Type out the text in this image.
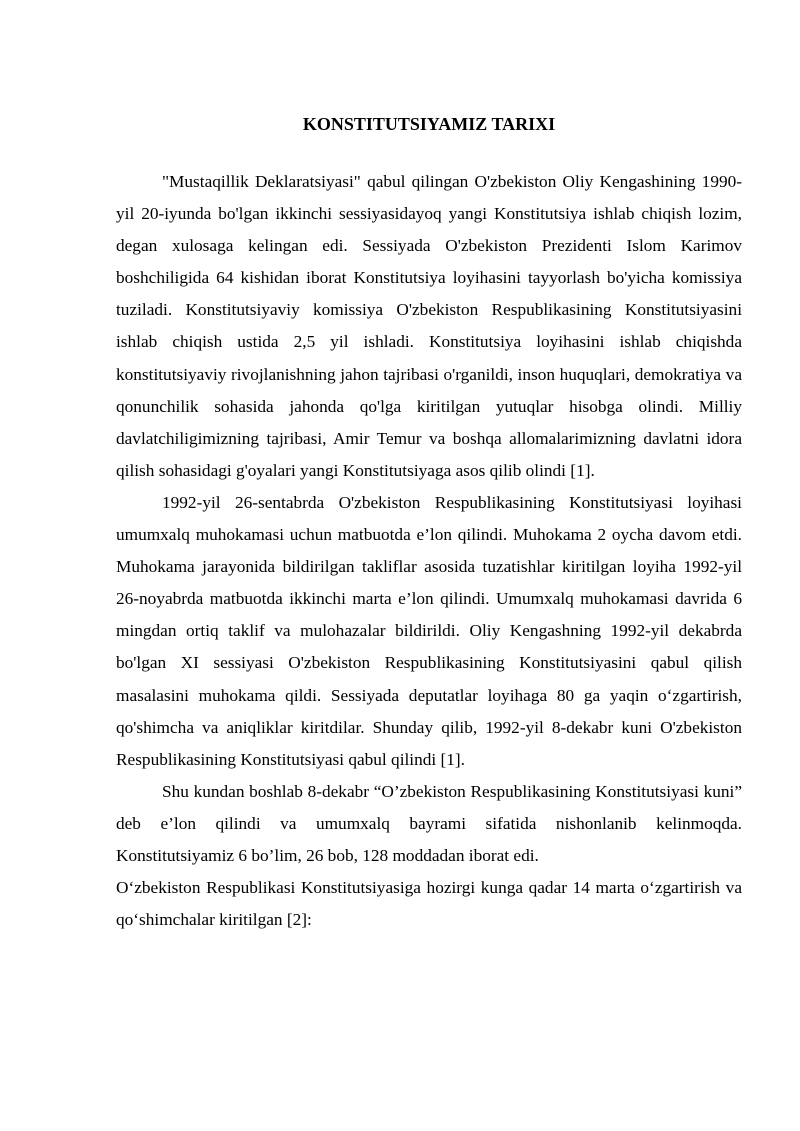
KONSTITUTSIYAMIZ TARIXI

"Mustaqillik Deklaratsiyasi" qabul qilingan O'zbekiston Oliy Kengashining 1990-yil 20-iyunda bo'lgan ikkinchi sessiyasidayoq yangi Konstitutsiya ishlab chiqish lozim, degan xulosaga kelingan edi. Sessiyada O'zbekiston Prezidenti Islom Karimov boshchiligida 64 kishidan iborat Konstitutsiya loyihasini tayyorlash bo'yicha komissiya tuziladi. Konstitutsiyaviy komissiya O'zbekiston Respublikasining Konstitutsiyasini ishlab chiqish ustida 2,5 yil ishladi. Konstitutsiya loyihasini ishlab chiqishda konstitutsiyaviy rivojlanishning jahon tajribasi o'rganildi, inson huquqlari, demokratiya va qonunchilik sohasida jahonda qo'lga kiritilgan yutuqlar hisobga olindi. Milliy davlatchiligimizning tajribasi, Amir Temur va boshqa allomalarimizning davlatni idora qilish sohasidagi g'oyalari yangi Konstitutsiyaga asos qilib olindi [1].

1992-yil 26-sentabrda O'zbekiston Respublikasining Konstitutsiyasi loyihasi umumxalq muhokamasi uchun matbuotda e’lon qilindi. Muhokama 2 oycha davom etdi. Muhokama jarayonida bildirilgan takliflar asosida tuzatishlar kiritilgan loyiha 1992-yil 26-noyabrda matbuotda ikkinchi marta e’lon qilindi. Umumxalq muhokamasi davrida 6 mingdan ortiq taklif va mulohazalar bildirildi. Oliy Kengashning 1992-yil dekabrda bo'lgan XI sessiyasi O'zbekiston Respublikasining Konstitutsiyasini qabul qilish masalasini muhokama qildi. Sessiyada deputatlar loyihaga 80 ga yaqin o‘zgartirish, qo'shimcha va aniqliklar kiritdilar. Shunday qilib, 1992-yil 8-dekabr kuni O'zbekiston Respublikasining Konstitutsiyasi qabul qilindi [1].

Shu kundan boshlab 8-dekabr “O’zbekiston Respublikasining Konstitutsiyasi kuni” deb e’lon qilindi va umumxalq bayrami sifatida nishonlanib kelinmoqda. Konstitutsiyamiz 6 bo’lim, 26 bob, 128 moddadan iborat edi.

O‘zbekiston Respublikasi Konstitutsiyasiga hozirgi kunga qadar 14 marta o‘zgartirish va qo‘shimchalar kiritilgan [2]:
